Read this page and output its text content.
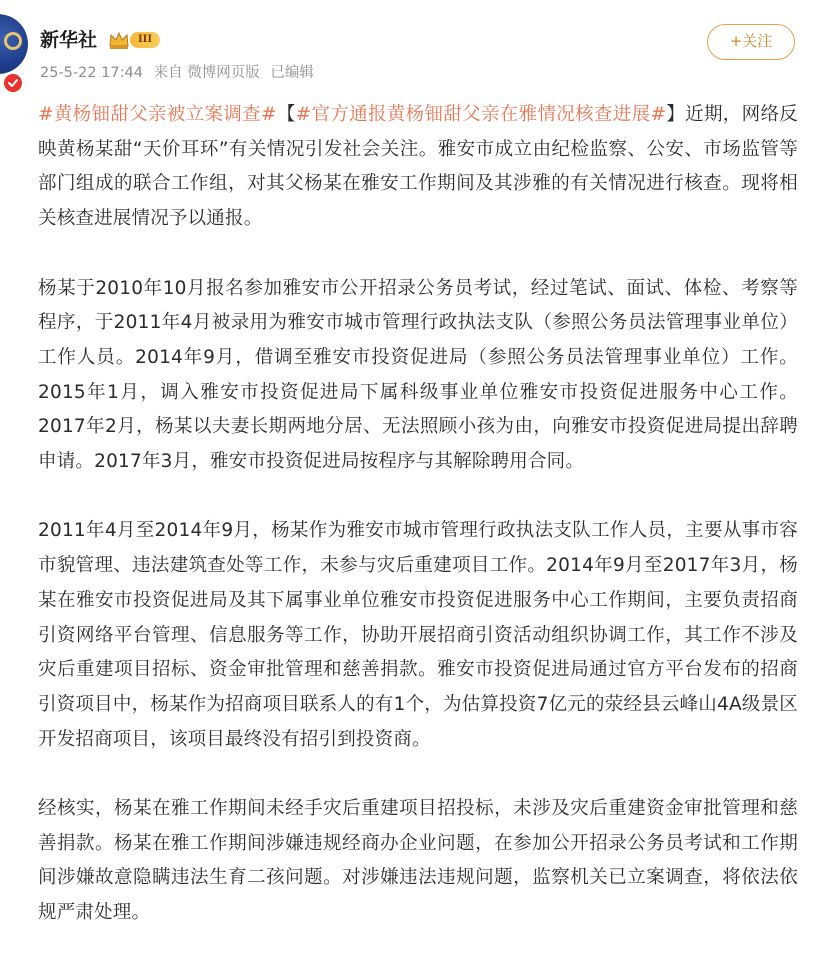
新华社	III
25-5-22 17:44 来自 微博网页版 已编辑
+关注

#黄杨钿甜父亲被立案调查#【#官方通报黄杨钿甜父亲在雅情况核查进展#】近期，网络反映黄杨某甜“天价耳环”有关情况引发社会关注。雅安市成立由纪检监察、公安、市场监管等部门组成的联合工作组，对其父杨某在雅安工作期间及其涉雅的有关情况进行核查。现将相关核查进展情况予以通报。

杨某于2010年10月报名参加雅安市公开招录公务员考试，经过笔试、面试、体检、考察等程序，于2011年4月被录用为雅安市城市管理行政执法支队（参照公务员法管理事业单位）工作人员。2014年9月，借调至雅安市投资促进局（参照公务员法管理事业单位）工作。2015年1月，调入雅安市投资促进局下属科级事业单位雅安市投资促进服务中心工作。2017年2月，杨某以夫妻长期两地分居、无法照顾小孩为由，向雅安市投资促进局提出辞聘申请。2017年3月，雅安市投资促进局按程序与其解除聘用合同。

2011年4月至2014年9月，杨某作为雅安市城市管理行政执法支队工作人员，主要从事市容市貌管理、违法建筑查处等工作，未参与灾后重建项目工作。2014年9月至2017年3月，杨某在雅安市投资促进局及其下属事业单位雅安市投资促进服务中心工作期间，主要负责招商引资网络平台管理、信息服务等工作，协助开展招商引资活动组织协调工作，其工作不涉及灾后重建项目招标、资金审批管理和慈善捐款。雅安市投资促进局通过官方平台发布的招商引资项目中，杨某作为招商项目联系人的有1个，为估算投资7亿元的荥经县云峰山4A级景区开发招商项目，该项目最终没有招引到投资商。

经核实，杨某在雅工作期间未经手灾后重建项目招投标，未涉及灾后重建资金审批管理和慈善捐款。杨某在雅工作期间涉嫌违规经商办企业问题，在参加公开招录公务员考试和工作期间涉嫌故意隐瞒违法生育二孩问题。对涉嫌违法违规问题，监察机关已立案调查，将依法依规严肃处理。
